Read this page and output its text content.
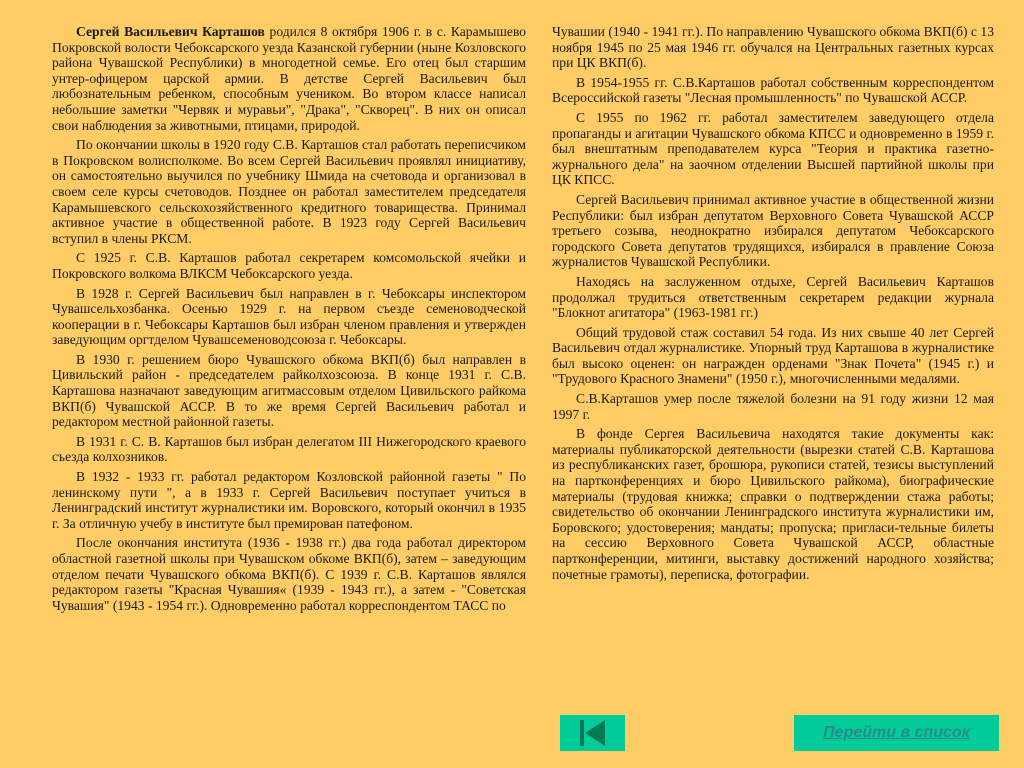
Сергей Васильевич Карташов родился 8 октября 1906 г. в с. Карамышево Покровской волости Чебоксарского уезда Казанской губернии (ныне Козловского района Чувашской Республики) в многодетной семье. Его отец был старшим унтер-офицером царской армии. В детстве Сергей Васильевич был любознательным ребенком, способным учеником. Во втором классе написал небольшие заметки "Червяк и муравьи", "Драка", "Скворец". В них он описал свои наблюдения за животными, птицами, природой.

По окончании школы в 1920 году С.В. Карташов стал работать переписчиком в Покровском волисполкоме. Во всем Сергей Васильевич проявлял инициативу, он самостоятельно выучился по учебнику Шмида на счетовода и организовал в своем селе курсы счетоводов. Позднее он работал заместителем председателя Карамышевского сельскохозяйственного кредитного товарищества. Принимал активное участие в общественной работе. В 1923 году Сергей Васильевич вступил в члены РКСМ.

С 1925 г. С.В. Карташов работал секретарем комсомольской ячейки и Покровского волкома ВЛКСМ Чебоксарского уезда.

В 1928 г. Сергей Васильевич был направлен в г. Чебоксары инспектором Чувашсельхозбанка. Осенью 1929 г. на первом съезде семеноводческой кооперации в г. Чебоксары Карташов был избран членом правления и утвержден заведующим оргтделом Чувашсеменоводсоюза г. Чебоксары.

В 1930 г. решением бюро Чувашского обкома ВКП(б) был направлен в Цивильский район - председателем райколхозсоюза. В конце 1931 г. С.В. Карташова назначают заведующим агитмассовым отделом Цивильского райкома ВКП(б) Чувашской АССР. В то же время Сергей Васильевич работал и редактором местной районной газеты.

В 1931 г. С. В. Карташов был избран делегатом III Нижегородского краевого съезда колхозников.

В 1932 - 1933 гг. работал редактором Козловской районной газеты " По ленинскому пути ", а в 1933 г. Сергей Васильевич поступает учиться в Ленинградский институт журналистики им. Воровского, который окончил в 1935 г. За отличную учебу в институте был премирован патефоном.

После окончания института (1936 - 1938 гг.) два года работал директором областной газетной школы при Чувашском обкоме ВКП(б), затем – заведующим отделом печати Чувашского обкома ВКП(б). С 1939 г. С.В. Карташов являлся редактором газеты "Красная Чувашия« (1939 - 1943 гг.), а затем - "Советская Чувашия" (1943 - 1954 гг.). Одновременно работал корреспондентом ТАСС по

Чувашии (1940 - 1941 гг.). По направлению Чувашского обкома ВКП(б) с 13 ноября 1945 по 25 мая 1946 гг. обучался на Центральных газетных курсах при ЦК ВКП(б).

В 1954-1955 гг. С.В.Карташов работал собственным корреспондентом Всероссийской газеты "Лесная промышленность" по Чувашской АССР.

С 1955 по 1962 гг. работал заместителем заведующего отдела пропаганды и агитации Чувашского обкома КПСС и одновременно в 1959 г. был внештатным преподавателем курса "Теория и практика газетно-журнального дела" на заочном отделении Высшей партийной школы при ЦК КПСС.

Сергей Васильевич принимал активное участие в общественной жизни Республики: был избран депутатом Верховного Совета Чувашской АССР третьего созыва, неоднократно избирался депутатом Чебоксарского городского Совета депутатов трудящихся, избирался в правление Союза журналистов Чувашской Республики.

Находясь на заслуженном отдыхе, Сергей Васильевич Карташов продолжал трудиться ответственным секретарем редакции журнала "Блокнот агитатора" (1963-1981 гг.)

Общий трудовой стаж составил 54 года. Из них свыше 40 лет Сергей Васильевич отдал журналистике. Упорный труд Карташова в журналистике был высоко оценен: он награжден орденами "Знак Почета" (1945 г.) и "Трудового Красного Знамени" (1950 г.), многочисленными медалями.

С.В.Карташов умер после тяжелой болезни на 91 году жизни 12 мая 1997 г.

В фонде Сергея Васильевича находятся такие документы как: материалы публикаторской деятельности (вырезки статей С.В. Карташова из республиканских газет, брошюра, рукописи статей, тезисы выступлений на партконференциях и бюро Цивильского райкома), биографические материалы (трудовая книжка; справки о подтверждении стажа работы; свидетельство об окончании Ленинградского института журналистики им, Боровского; удостоверения; мандаты; пропуска; пригласи-тельные билеты на сессию Верховного Совета Чувашской АССР, областные партконференции, митинги, выставку достижений народного хозяйства; почетные грамоты), переписка, фотографии.

Перейти в список
